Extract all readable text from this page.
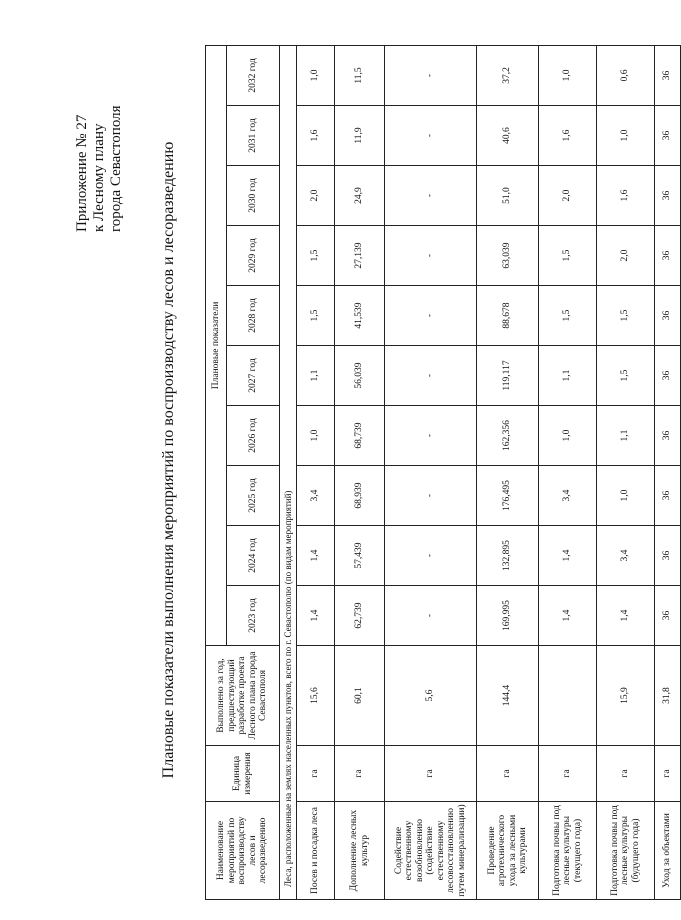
Приложение № 27 к Лесному плану города Севастополя Плановые показатели выполнения мероприятий по воспроизводству лесов и лесоразведению
Наименование мероприятий по воспроизводству лесов и лесоразведению	Единица измерения	Выполнено за год, предшествующий разработке проекта Лесного плана города Севастополя	Плановые показатели									
			2023 год	2024 год	2025 год	2026 год	2027 год	2028 год	2029 год	2030 год	2031 год	2032 год
Леса, расположенные на землях населенных пунктов, всего по г. Севастополю (по видам мероприятий)												
Посев и посадка леса	га	15,6	1,4	1,4	3,4	1,0	1,1	1,5	1,5	2,0	1,6	1,0
Дополнение лесных культур	га	60,1	62,739	57,439	68,939	68,739	56,039	41,539	27,139	24,9	11,9	11,5
Содействие естественному возобновлению (содействие естественному лесовосстановлению путем минерализации)	га	5,6	-	-	-	-	-	-	-	-	-	-
Проведение агротехнического ухода за лесными культурами	га	144,4	169,995	132,895	176,495	162,356	119,117	88,678	63,039	51,0	40,6	37,2
Подготовка почвы под лесные культуры (текущего года)	га		1,4	1,4	3,4	1,0	1,1	1,5	1,5	2,0	1,6	1,0
Подготовка почвы под лесные культуры (будущего года)	га	15,9	1,4	3,4	1,0	1,1	1,5	1,5	2,0	1,6	1,0	0,6
Уход за объектами	га	31,8	36	36	36	36	36	36	36	36	36	36
